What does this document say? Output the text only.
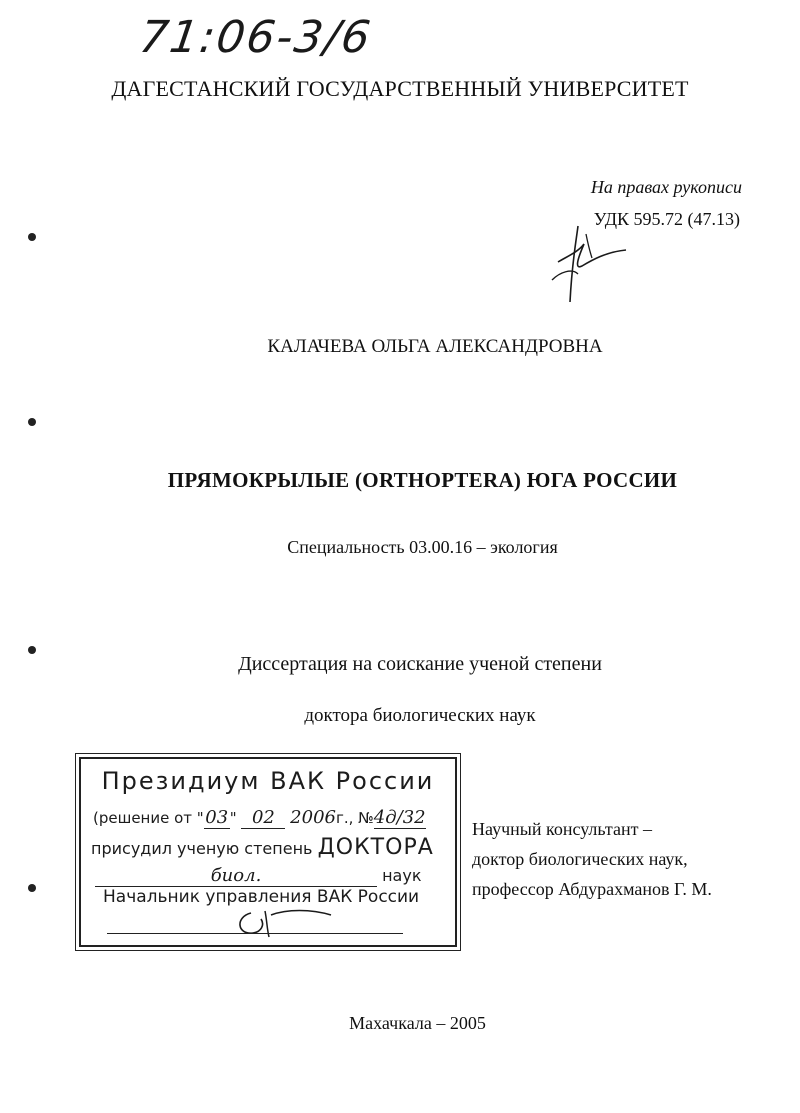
71:06-3/6
ДАГЕСТАНСКИЙ ГОСУДАРСТВЕННЫЙ УНИВЕРСИТЕТ
На правах рукописи
УДК 595.72 (47.13)
КАЛАЧЕВА ОЛЬГА АЛЕКСАНДРОВНА
ПРЯМОКРЫЛЫЕ (ORTHOPTERA) ЮГА РОССИИ
Специальность 03.00.16 – экология
Диссертация на соискание ученой степени
доктора биологических наук
Президиум ВАК России
(решение от "03 " 02 2006г., №4д/32
присудил ученую степень ДОКТОРА
биол.	наук
Начальник управления ВАК России
Научный консультант –
доктор биологических наук,
профессор Абдурахманов Г. М.
Махачкала – 2005
